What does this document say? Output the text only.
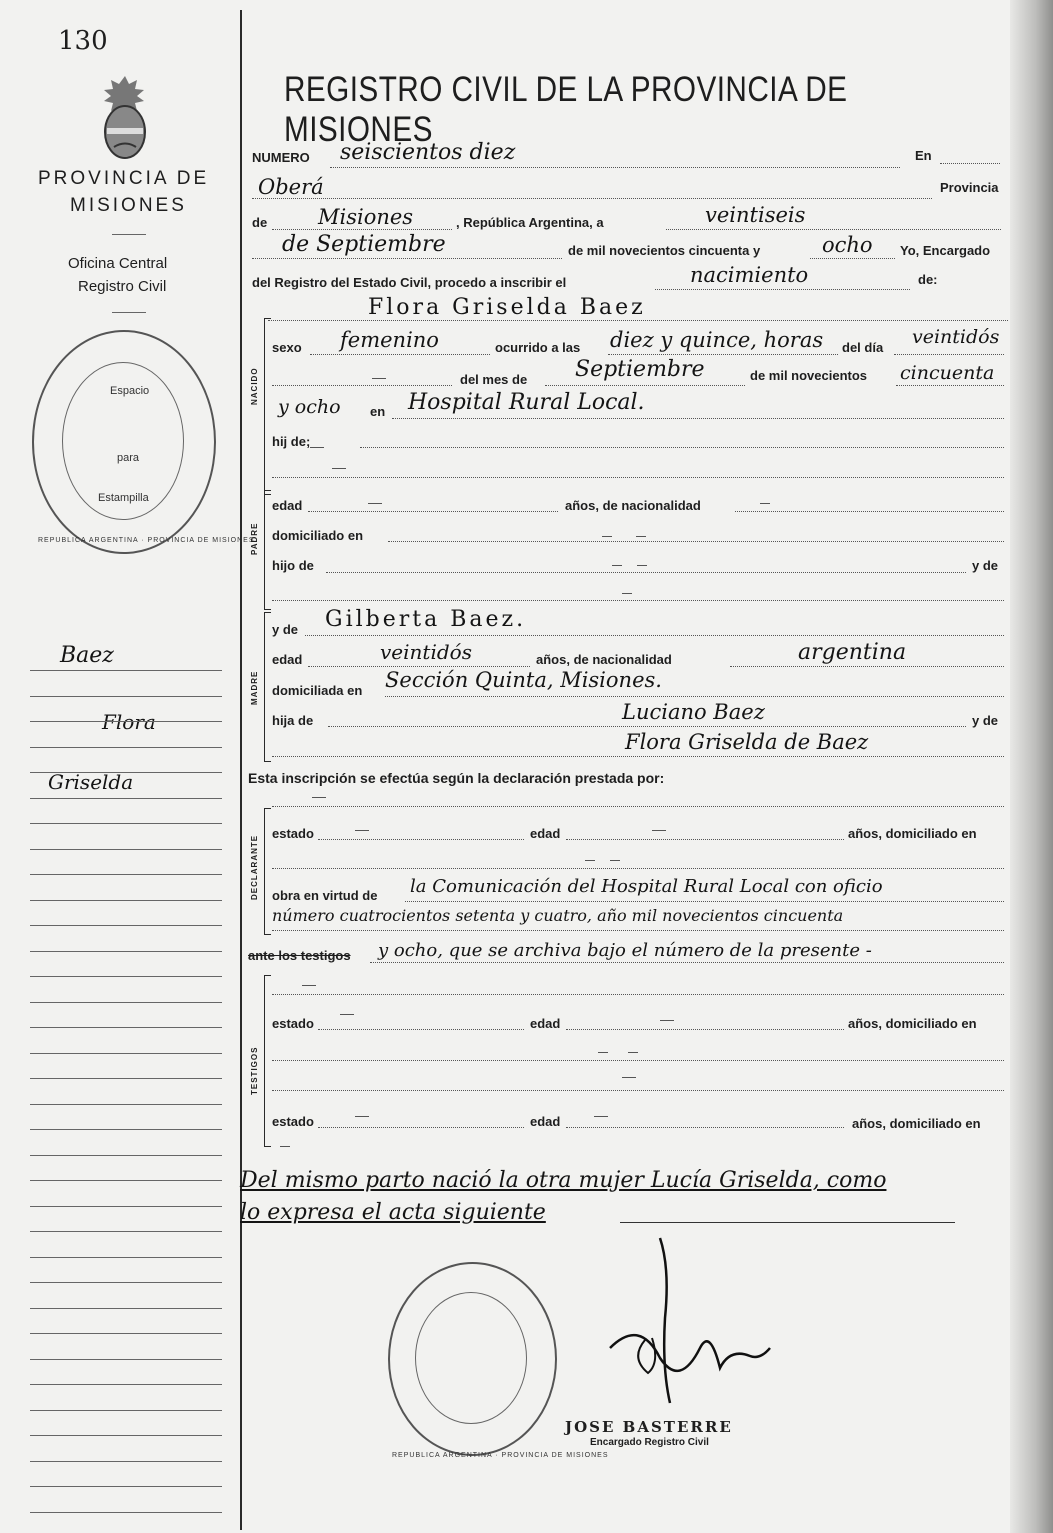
130
PROVINCIA DE
MISIONES
Oficina Central
Registro Civil
Espacio
para
Estampilla
REPUBLICA ARGENTINA · PROVINCIA DE MISIONES
Baez
Flora
Griselda
REGISTRO CIVIL DE LA PROVINCIA DE MISIONES
NUMERO seiscientos diez	En
Oberá	Provincia
de Misiones	, República Argentina, a	veintiseis
de Septiembre	de mil novecientos cincuenta y	ocho Yo, Encargado
del Registro del Estado Civil, procedo a inscribir el	nacimiento	de:
Flora Griselda Baez
NACIDO
sexo femenino	ocurrido a las diez y quince, horas del día veintidós
del mes de Septiembre	de mil novecientos cincuenta
y ocho en Hospital Rural Local.
hij de;
PADRE
edad	años, de nacionalidad
domiciliado en
hijo de	y de
MADRE
y de Gilberta Baez.
edad	veintidós	años, de nacionalidad	argentina
domiciliada en Sección Quinta, Misiones.
hija de	Luciano Baez	y de
Flora Griselda de Baez
Esta inscripción se efectúa según la declaración prestada por:
DECLARANTE
estado	edad	años, domiciliado en
obra en virtud de la Comunicación del Hospital Rural Local con oficio
número cuatrocientos setenta y cuatro, año mil novecientos cincuenta
ante los testigos y ocho, que se archiva bajo el número de la presente -
TESTIGOS
estado	edad	años, domiciliado en
estado	edad	años, domiciliado en
Del mismo parto nació la otra mujer Lucía Griselda, como
lo expresa el acta siguiente
REPUBLICA ARGENTINA · PROVINCIA DE MISIONES
JOSE BASTERRE
Encargado Registro Civil
